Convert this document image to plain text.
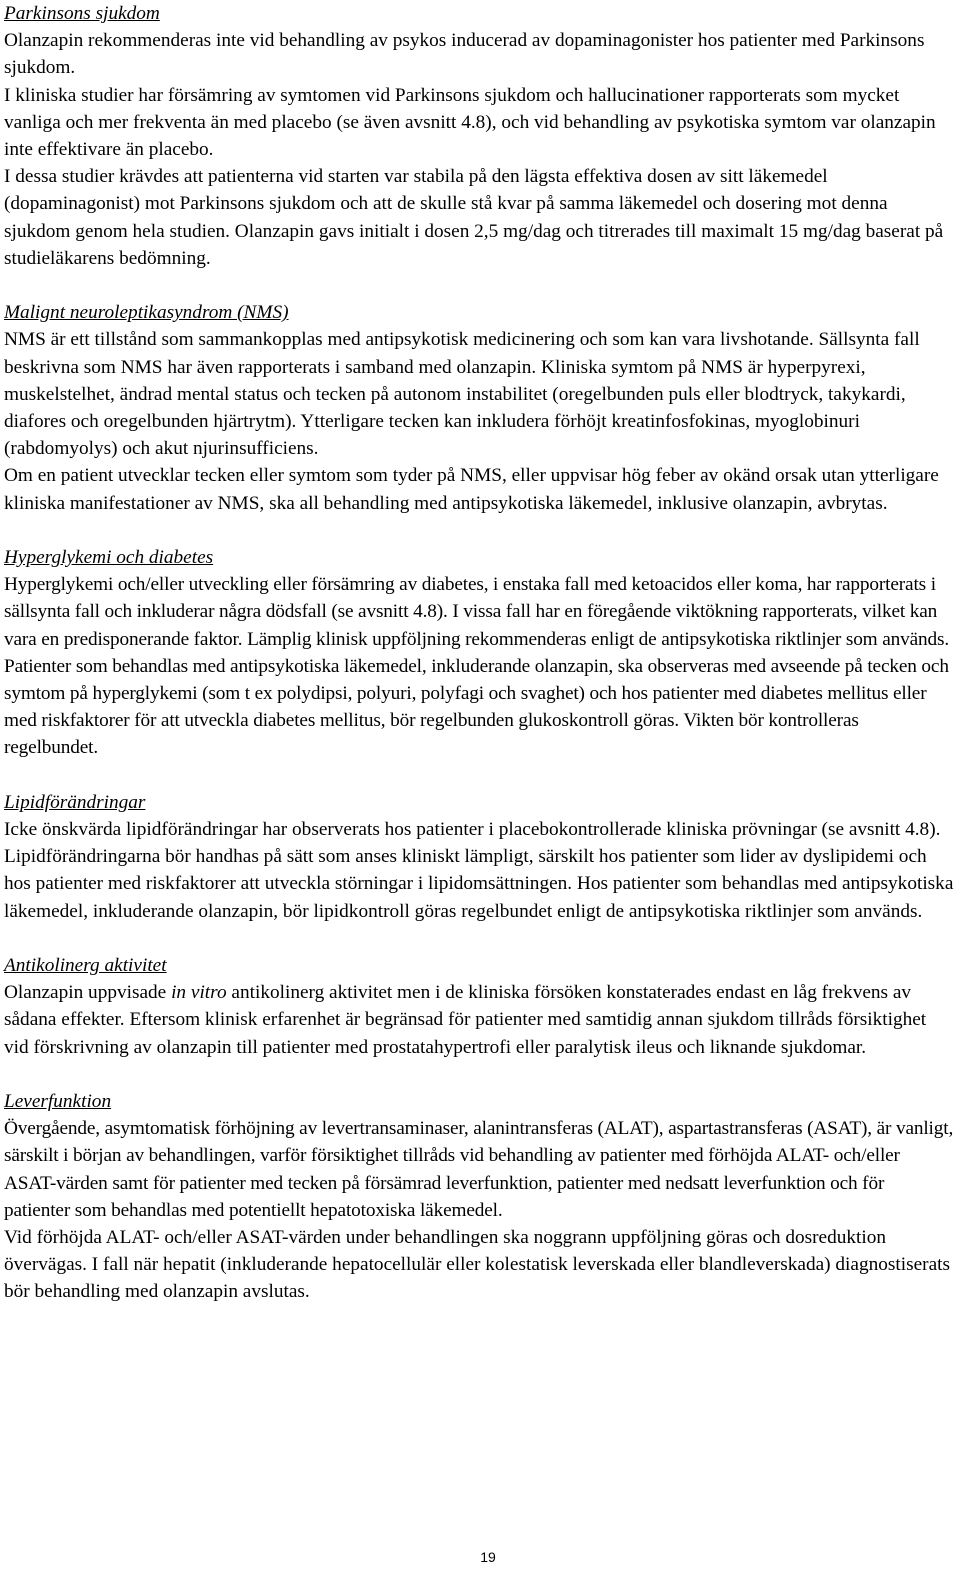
Parkinsons sjukdom

Olanzapin rekommenderas inte vid behandling av psykos inducerad av dopaminagonister hos patienter med Parkinsons sjukdom.

I kliniska studier har försämring av symtomen vid Parkinsons sjukdom och hallucinationer rapporterats som mycket vanliga och mer frekventa än med placebo (se även avsnitt 4.8), och vid behandling av psykotiska symtom var olanzapin inte effektivare än placebo.

I dessa studier krävdes att patienterna vid starten var stabila på den lägsta effektiva dosen av sitt läkemedel (dopaminagonist) mot Parkinsons sjukdom och att de skulle stå kvar på samma läkemedel och dosering mot denna sjukdom genom hela studien. Olanzapin gavs initialt i dosen 2,5 mg/dag och titrerades till maximalt 15 mg/dag baserat på studieläkarens bedömning.

Malignt neuroleptikasyndrom (NMS)

NMS är ett tillstånd som sammankopplas med antipsykotisk medicinering och som kan vara livshotande. Sällsynta fall beskrivna som NMS har även rapporterats i samband med olanzapin. Kliniska symtom på NMS är hyperpyrexi, muskelstelhet, ändrad mental status och tecken på autonom instabilitet (oregelbunden puls eller blodtryck, takykardi, diafores och oregelbunden hjärtrytm). Ytterligare tecken kan inkludera förhöjt kreatinfosfokinas, myoglobinuri (rabdomyolys) och akut njurinsufficiens.

Om en patient utvecklar tecken eller symtom som tyder på NMS, eller uppvisar hög feber av okänd orsak utan ytterligare kliniska manifestationer av NMS, ska all behandling med antipsykotiska läkemedel, inklusive olanzapin, avbrytas.

Hyperglykemi och diabetes

Hyperglykemi och/eller utveckling eller försämring av diabetes, i enstaka fall med ketoacidos eller koma, har rapporterats i sällsynta fall och inkluderar några dödsfall (se avsnitt 4.8). I vissa fall har en föregående viktökning rapporterats, vilket kan vara en predisponerande faktor. Lämplig klinisk uppföljning rekommenderas enligt de antipsykotiska riktlinjer som används. Patienter som behandlas med antipsykotiska läkemedel, inkluderande olanzapin, ska observeras med avseende på tecken och symtom på hyperglykemi (som t ex polydipsi, polyuri, polyfagi och svaghet) och hos patienter med diabetes mellitus eller med riskfaktorer för att utveckla diabetes mellitus, bör regelbunden glukoskontroll göras. Vikten bör kontrolleras regelbundet.

Lipidförändringar

Icke önskvärda lipidförändringar har observerats hos patienter i placebokontrollerade kliniska prövningar (se avsnitt 4.8). Lipidförändringarna bör handhas på sätt som anses kliniskt lämpligt, särskilt hos patienter som lider av dyslipidemi och hos patienter med riskfaktorer att utveckla störningar i lipidomsättningen. Hos patienter som behandlas med antipsykotiska läkemedel, inkluderande olanzapin, bör lipidkontroll göras regelbundet enligt de antipsykotiska riktlinjer som används.

Antikolinerg aktivitet

Olanzapin uppvisade in vitro antikolinerg aktivitet men i de kliniska försöken konstaterades endast en låg frekvens av sådana effekter. Eftersom klinisk erfarenhet är begränsad för patienter med samtidig annan sjukdom tillråds försiktighet vid förskrivning av olanzapin till patienter med prostatahypertrofi eller paralytisk ileus och liknande sjukdomar.

Leverfunktion

Övergående, asymtomatisk förhöjning av levertransaminaser, alanintransferas (ALAT), aspartastransferas (ASAT), är vanligt, särskilt i början av behandlingen, varför försiktighet tillråds vid behandling av patienter med förhöjda ALAT- och/eller ASAT-värden samt för patienter med tecken på försämrad leverfunktion, patienter med nedsatt leverfunktion och för patienter som behandlas med potentiellt hepatotoxiska läkemedel.

Vid förhöjda ALAT- och/eller ASAT-värden under behandlingen ska noggrann uppföljning göras och dosreduktion övervägas. I fall när hepatit (inkluderande hepatocellulär eller kolestatisk leverskada eller blandleverskada) diagnostiserats bör behandling med olanzapin avslutas.

19
